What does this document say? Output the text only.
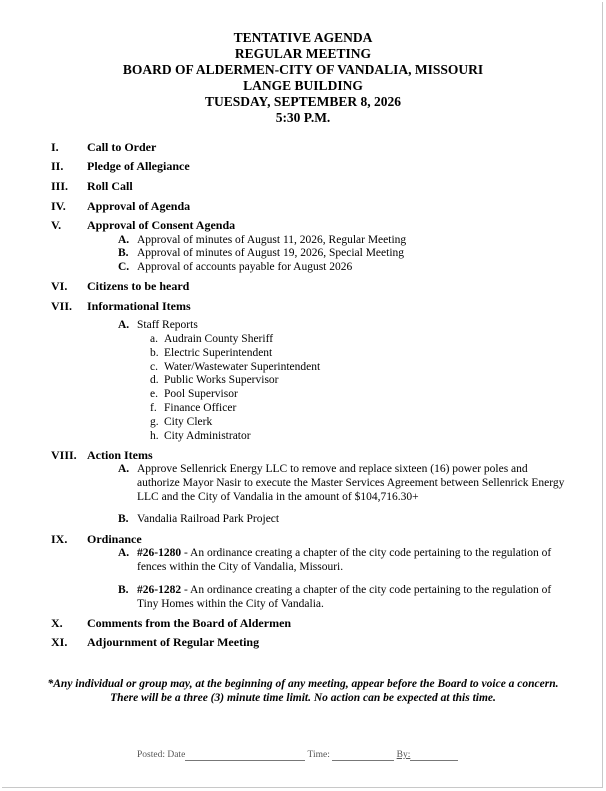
TENTATIVE AGENDA
REGULAR MEETING
BOARD OF ALDERMEN-CITY OF VANDALIA, MISSOURI
LANGE BUILDING
TUESDAY, SEPTEMBER 8, 2026
5:30 P.M.
I. Call to Order
II. Pledge of Allegiance
III. Roll Call
IV. Approval of Agenda
V. Approval of Consent Agenda
A. Approval of minutes of August 11, 2026, Regular Meeting
B. Approval of minutes of August 19, 2026, Special Meeting
C. Approval of accounts payable for August 2026
VI. Citizens to be heard
VII. Informational Items
A. Staff Reports
a. Audrain County Sheriff
b. Electric Superintendent
c. Water/Wastewater Superintendent
d. Public Works Supervisor
e. Pool Supervisor
f. Finance Officer
g. City Clerk
h. City Administrator
VIII. Action Items
A. Approve Sellenrick Energy LLC to remove and replace sixteen (16) power poles and authorize Mayor Nasir to execute the Master Services Agreement between Sellenrick Energy LLC and the City of Vandalia in the amount of $104,716.30+
B. Vandalia Railroad Park Project
IX. Ordinance
A. #26-1280 - An ordinance creating a chapter of the city code pertaining to the regulation of fences within the City of Vandalia, Missouri.
B. #26-1282 - An ordinance creating a chapter of the city code pertaining to the regulation of Tiny Homes within the City of Vandalia.
X. Comments from the Board of Aldermen
XI. Adjournment of Regular Meeting
*Any individual or group may, at the beginning of any meeting, appear before the Board to voice a concern. There will be a three (3) minute time limit. No action can be expected at this time.
Posted: Date	Time:	By:
